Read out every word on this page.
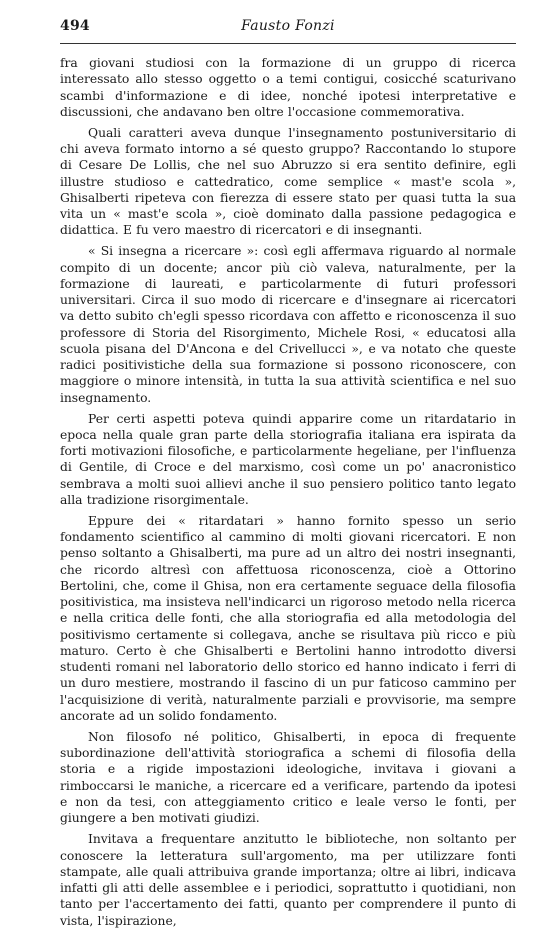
494	Fausto Fonzi

fra giovani studiosi con la formazione di un gruppo di ricerca interessato allo stesso oggetto o a temi contigui, cosicché scaturivano scambi d'informazione e di idee, nonché ipotesi interpretative e discussioni, che andavano ben oltre l'occasione commemorativa.

Quali caratteri aveva dunque l'insegnamento postuniversitario di chi aveva formato intorno a sé questo gruppo? Raccontando lo stupore di Cesare De Lollis, che nel suo Abruzzo si era sentito definire, egli illustre studioso e cattedratico, come semplice « mast'e scola », Ghisalberti ripeteva con fierezza di essere stato per quasi tutta la sua vita un « mast'e scola », cioè dominato dalla passione pedagogica e didattica. E fu vero maestro di ricercatori e di insegnanti.

« Si insegna a ricercare »: così egli affermava riguardo al normale compito di un docente; ancor più ciò valeva, naturalmente, per la formazione di laureati, e particolarmente di futuri professori universitari. Circa il suo modo di ricercare e d'insegnare ai ricercatori va detto subito ch'egli spesso ricordava con affetto e riconoscenza il suo professore di Storia del Risorgimento, Michele Rosi, « educatosi alla scuola pisana del D'Ancona e del Crivellucci », e va notato che queste radici positivistiche della sua formazione si possono riconoscere, con maggiore o minore intensità, in tutta la sua attività scientifica e nel suo insegnamento.

Per certi aspetti poteva quindi apparire come un ritardatario in epoca nella quale gran parte della storiografia italiana era ispirata da forti motivazioni filosofiche, e particolarmente hegeliane, per l'influenza di Gentile, di Croce e del marxismo, così come un po' anacronistico sembrava a molti suoi allievi anche il suo pensiero politico tanto legato alla tradizione risorgimentale.

Eppure dei « ritardatari » hanno fornito spesso un serio fondamento scientifico al cammino di molti giovani ricercatori. E non penso soltanto a Ghisalberti, ma pure ad un altro dei nostri insegnanti, che ricordo altresì con affettuosa riconoscenza, cioè a Ottorino Bertolini, che, come il Ghisa, non era certamente seguace della filosofia positivistica, ma insisteva nell'indicarci un rigoroso metodo nella ricerca e nella critica delle fonti, che alla storiografia ed alla metodologia del positivismo certamente si collegava, anche se risultava più ricco e più maturo. Certo è che Ghisalberti e Bertolini hanno introdotto diversi studenti romani nel laboratorio dello storico ed hanno indicato i ferri di un duro mestiere, mostrando il fascino di un pur faticoso cammino per l'acquisizione di verità, naturalmente parziali e provvisorie, ma sempre ancorate ad un solido fondamento.

Non filosofo né politico, Ghisalberti, in epoca di frequente subordinazione dell'attività storiografica a schemi di filosofia della storia e a rigide impostazioni ideologiche, invitava i giovani a rimboccarsi le maniche, a ricercare ed a verificare, partendo da ipotesi e non da tesi, con atteggiamento critico e leale verso le fonti, per giungere a ben motivati giudizi.

Invitava a frequentare anzitutto le biblioteche, non soltanto per conoscere la letteratura sull'argomento, ma per utilizzare fonti stampate, alle quali attribuiva grande importanza; oltre ai libri, indicava infatti gli atti delle assemblee e i periodici, soprattutto i quotidiani, non tanto per l'accertamento dei fatti, quanto per comprendere il punto di vista, l'ispirazione,
